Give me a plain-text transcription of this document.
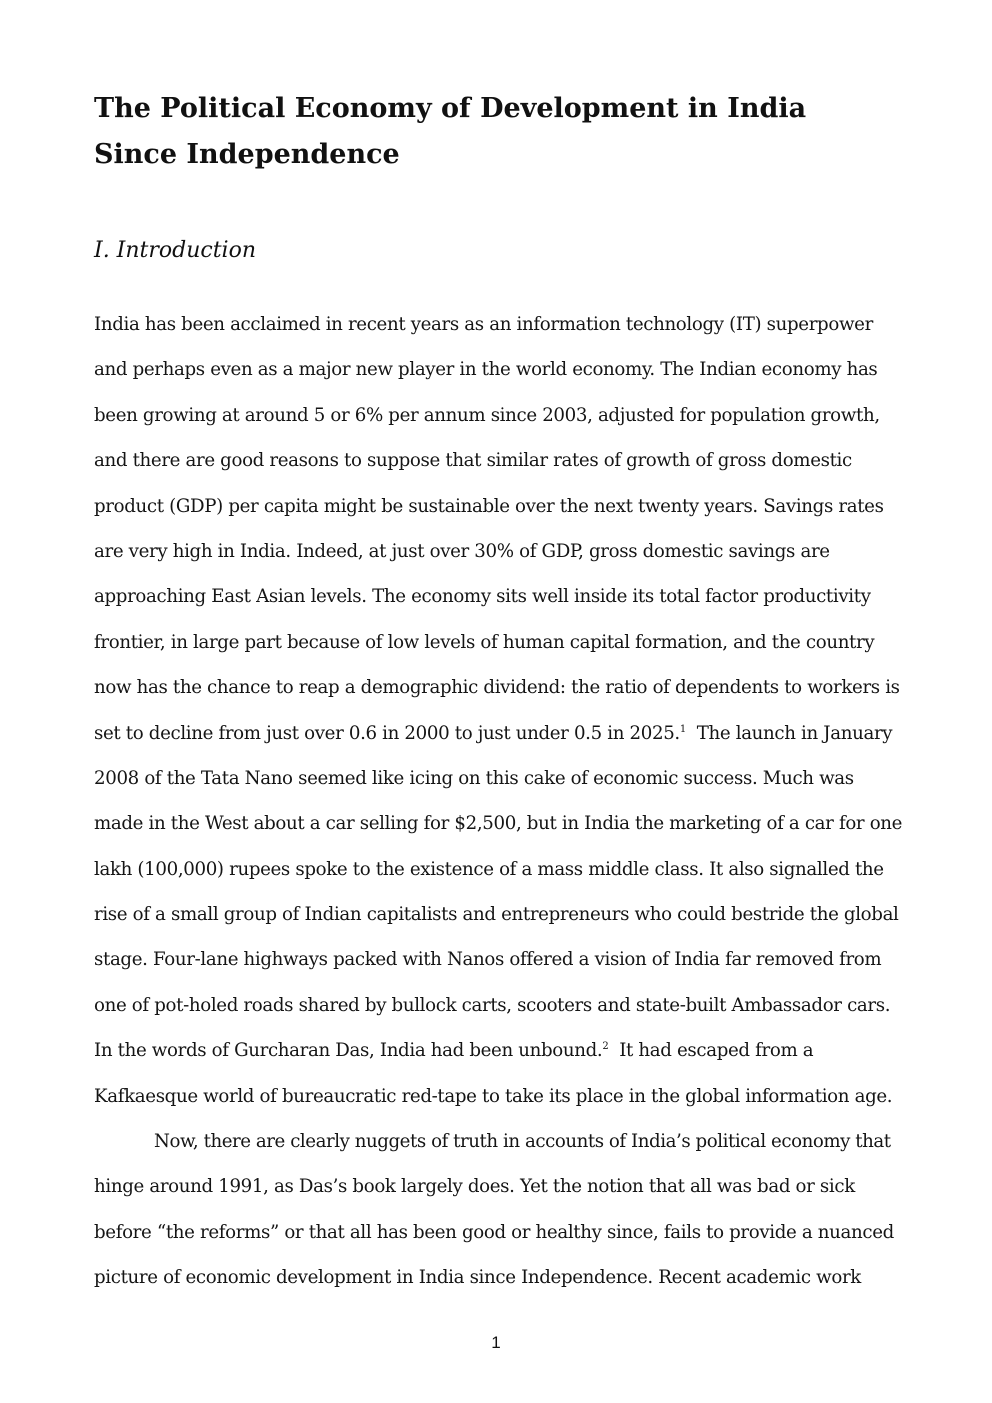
The Political Economy of Development in India Since Independence
I. Introduction
India has been acclaimed in recent years as an information technology (IT) superpower
and perhaps even as a major new player in the world economy. The Indian economy has
been growing at around 5 or 6% per annum since 2003, adjusted for population growth,
and there are good reasons to suppose that similar rates of growth of gross domestic
product (GDP) per capita might be sustainable over the next twenty years. Savings rates
are very high in India. Indeed, at just over 30% of GDP, gross domestic savings are
approaching East Asian levels. The economy sits well inside its total factor productivity
frontier, in large part because of low levels of human capital formation, and the country
now has the chance to reap a demographic dividend: the ratio of dependents to workers is
set to decline from just over 0.6 in 2000 to just under 0.5 in 2025.$^1$  The launch in January
2008 of the Tata Nano seemed like icing on this cake of economic success. Much was
made in the West about a car selling for $2,500, but in India the marketing of a car for one
lakh (100,000) rupees spoke to the existence of a mass middle class. It also signalled the
rise of a small group of Indian capitalists and entrepreneurs who could bestride the global
stage. Four-lane highways packed with Nanos offered a vision of India far removed from
one of pot-holed roads shared by bullock carts, scooters and state-built Ambassador cars.
In the words of Gurcharan Das, India had been unbound.$^2$  It had escaped from a
Kafkaesque world of bureaucratic red-tape to take its place in the global information age.
Now, there are clearly nuggets of truth in accounts of India’s political economy that
hinge around 1991, as Das’s book largely does. Yet the notion that all was bad or sick
before “the reforms” or that all has been good or healthy since, fails to provide a nuanced
picture of economic development in India since Independence. Recent academic work
1
